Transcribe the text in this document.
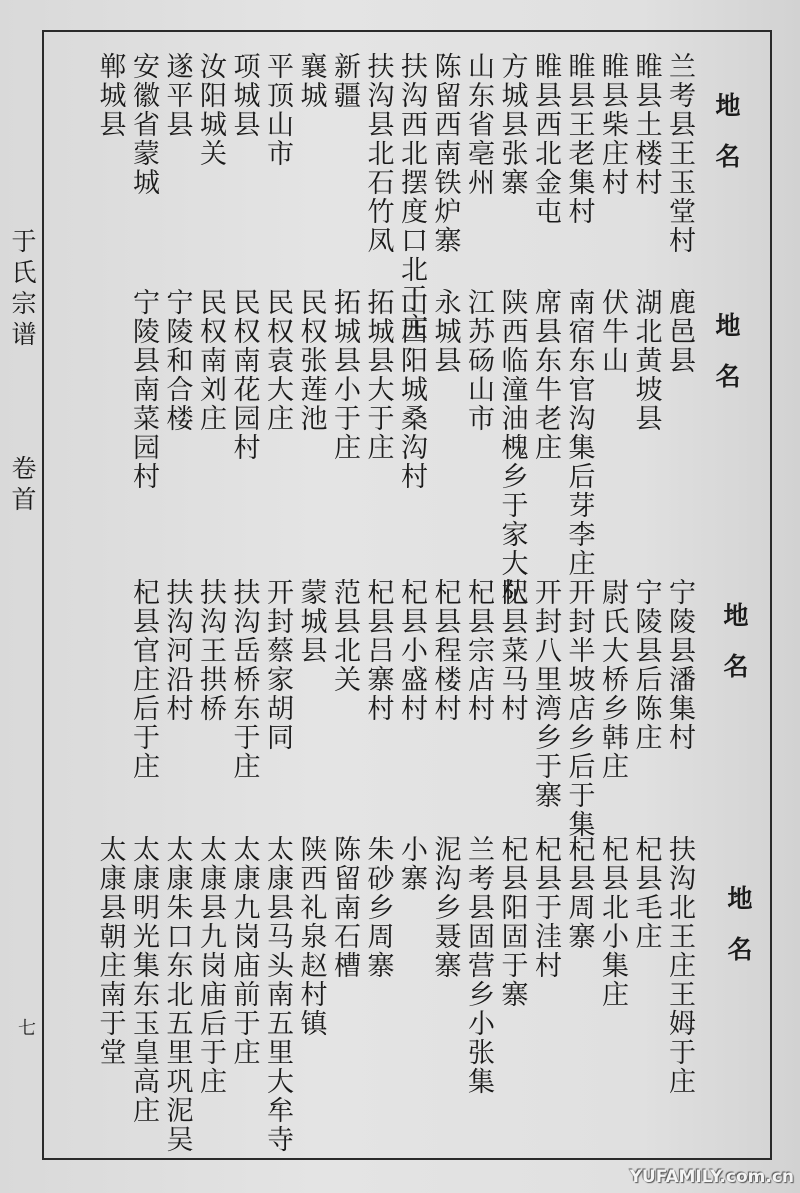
于氏宗谱
卷首
七
地名
兰考县王玉堂村
睢县土楼村
睢县柴庄村
睢县王老集村
睢县西北金屯
方城县张寨
山东省亳州
陈留西南铁炉寨
扶沟西北摆度口北于庄
扶沟县北石竹凤
新疆
襄城
平顶山市
项城县
汝阳城关
遂平县
安徽省蒙城
郸城县
地名
鹿邑县
湖北黄坡县
伏牛山
南宿东官沟集后芽李庄
席县东牛老庄
陕西临潼油槐乡于家大队
江苏砀山市
永城县
山西阳城桑沟村
拓城县大于庄
拓城县小于庄
民权张莲池
民权袁大庄
民权南花园村
民权南刘庄
宁陵和合楼
宁陵县南菜园村
地名
宁陵县潘集村
宁陵县后陈庄
尉氏大桥乡韩庄
开封半坡店乡后于集
开封八里湾乡于寨
杞县菜马村
杞县宗店村
杞县程楼村
杞县小盛村
杞县吕寨村
范县北关
蒙城县
开封蔡家胡同
扶沟岳桥东于庄
扶沟王拱桥
扶沟河沿村
杞县官庄后于庄
地名
扶沟北王庄王姆于庄
杞县毛庄
杞县北小集庄
杞县周寨
杞县于洼村
杞县阳固于寨
兰考县固营乡小张集
泥沟乡聂寨
小寨
朱砂乡周寨
陈留南石槽
陕西礼泉赵村镇
太康县马头南五里大牟寺
太康九岗庙前于庄
太康县九岗庙后于庄
太康朱口东北五里巩泥吴
太康明光集东玉皇高庄
太康县朝庄南于堂
YUFAMILY.com.cn
